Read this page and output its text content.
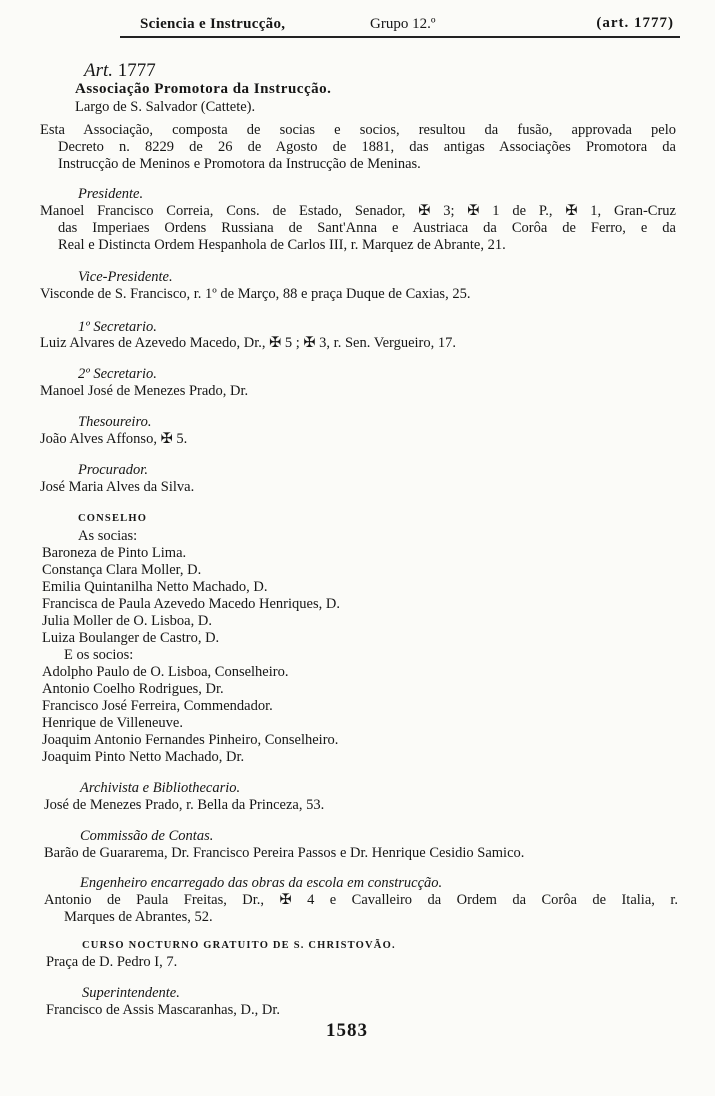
Sciencia e Instrucção,	Grupo 12.º	(art. 1777)
Art. 1777
Associação Promotora da Instrucção.
Largo de S. Salvador (Cattete).
Esta Associação, composta de socias e socios, resultou da fusão, approvada pelo
Decreto n. 8229 de 26 de Agosto de 1881, das antigas Associações Promotora da
Instrucção de Meninos e Promotora da Instrucção de Meninas.
Presidente.
Manoel Francisco Correia, Cons. de Estado, Senador, ✠ 3; ✠ 1 de P., ✠ 1, Gran-Cruz
das Imperiaes Ordens Russiana de Sant'Anna e Austriaca da Corôa de Ferro, e da
Real e Distincta Ordem Hespanhola de Carlos III, r. Marquez de Abrante, 21.
Vice-Presidente.
Visconde de S. Francisco, r. 1º de Março, 88 e praça Duque de Caxias, 25.
1º Secretario.
Luiz Alvares de Azevedo Macedo, Dr., ✠ 5 ; ✠ 3, r. Sen. Vergueiro, 17.
2º Secretario.
Manoel José de Menezes Prado, Dr.
Thesoureiro.
João Alves Affonso, ✠ 5.
Procurador.
José Maria Alves da Silva.
CONSELHO
As socias:
Baroneza de Pinto Lima.
Constança Clara Moller, D.
Emilia Quintanilha Netto Machado, D.
Francisca de Paula Azevedo Macedo Henriques, D.
Julia Moller de O. Lisboa, D.
Luiza Boulanger de Castro, D.
E os socios:
Adolpho Paulo de O. Lisboa, Conselheiro.
Antonio Coelho Rodrigues, Dr.
Francisco José Ferreira, Commendador.
Henrique de Villeneuve.
Joaquim Antonio Fernandes Pinheiro, Conselheiro.
Joaquim Pinto Netto Machado, Dr.
Archivista e Bibliothecario.
José de Menezes Prado, r. Bella da Princeza, 53.
Commissão de Contas.
Barão de Guararema, Dr. Francisco Pereira Passos e Dr. Henrique Cesidio Samico.
Engenheiro encarregado das obras da escola em construcção.
Antonio de Paula Freitas, Dr., ✠ 4 e Cavalleiro da Ordem da Corôa de Italia, r.
Marques de Abrantes, 52.
CURSO NOCTURNO GRATUITO DE S. CHRISTOVÃO.
Praça de D. Pedro I, 7.
Superintendente.
Francisco de Assis Mascaranhas, D., Dr.
1583
